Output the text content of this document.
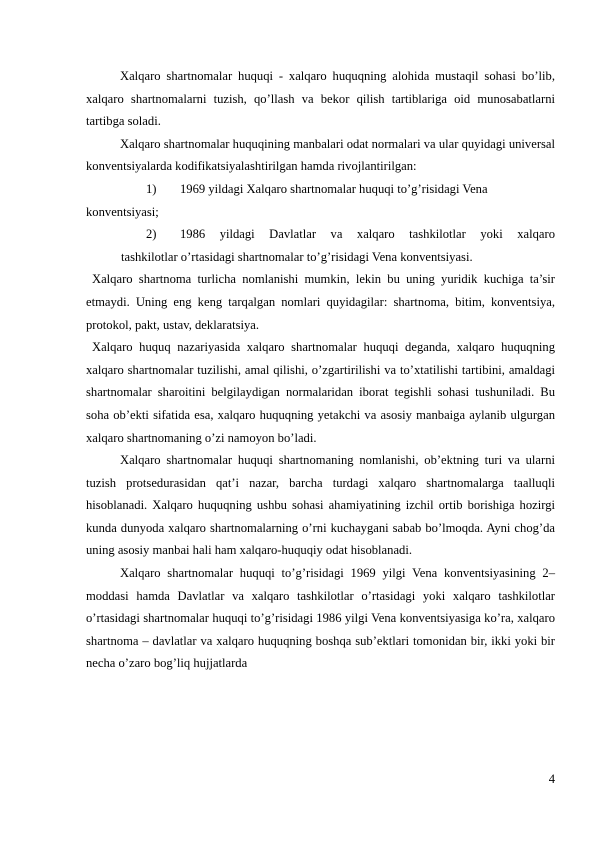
Xalqaro shartnomalar huquqi - xalqaro huquqning alohida mustaqil sohasi bo’lib, xalqaro shartnomalarni tuzish, qo’llash va bekor qilish tartiblariga oid munosabatlarni tartibga soladi.

Xalqaro shartnomalar huquqining manbalari odat normalari va ular quyidagi universal konventsiyalarda kodifikatsiyalashtirilgan hamda rivojlantirilgan:

1)	1969 yildagi Xalqaro shartnomalar huquqi to’g’risidagi Vena

konventsiyasi;

2)	1986 yildagi Davlatlar va xalqaro tashkilotlar yoki xalqaro
tashkilotlar o’rtasidagi shartnomalar to’g’risidagi Vena konventsiyasi.

Xalqaro shartnoma turlicha nomlanishi mumkin, lekin bu uning yuridik kuchiga ta’sir etmaydi. Uning eng keng tarqalgan nomlari quyidagilar: shartnoma, bitim, konventsiya, protokol, pakt, ustav, deklaratsiya.

Xalqaro huquq nazariyasida xalqaro shartnomalar huquqi deganda, xalqaro huquqning xalqaro shartnomalar tuzilishi, amal qilishi, o’zgartirilishi va to’xtatilishi tartibini, amaldagi shartnomalar sharoitini belgilaydigan normalaridan iborat tegishli sohasi tushuniladi. Bu soha ob’ekti sifatida esa, xalqaro huquqning yetakchi va asosiy manbaiga aylanib ulgurgan xalqaro shartnomaning o’zi namoyon bo’ladi.

Xalqaro shartnomalar huquqi shartnomaning nomlanishi, ob’ektning turi va ularni tuzish protsedurasidan qat’i nazar, barcha turdagi xalqaro shartnomalarga taalluqli hisoblanadi. Xalqaro huquqning ushbu sohasi ahamiyatining izchil ortib borishiga hozirgi kunda dunyoda xalqaro shartnomalarning o’rni kuchaygani sabab bo’lmoqda. Ayni chog’da uning asosiy manbai hali ham xalqaro-huquqiy odat hisoblanadi.

Xalqaro shartnomalar huquqi to’g’risidagi 1969 yilgi Vena konventsiyasining 2–moddasi hamda Davlatlar va xalqaro tashkilotlar o’rtasidagi yoki xalqaro tashkilotlar o’rtasidagi shartnomalar huquqi to’g’risidagi 1986 yilgi Vena konventsiyasiga ko’ra, xalqaro shartnoma – davlatlar va xalqaro huquqning boshqa sub’ektlari tomonidan bir, ikki yoki bir necha o’zaro bog’liq hujjatlarda

4
